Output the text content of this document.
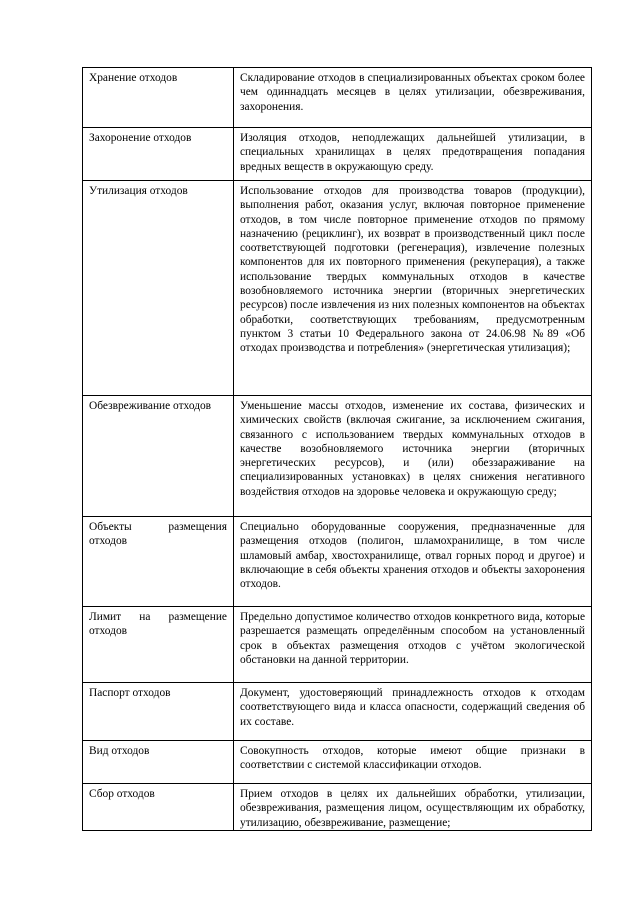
Хранение отходов	Складирование отходов в специализированных объектах сроком более чем одиннадцать месяцев в целях утилизации, обезвреживания, захоронения.
Захоронение отходов	Изоляция отходов, неподлежащих дальнейшей утилизации, в специальных хранилищах в целях предотвращения попадания вредных веществ в окружающую среду.
Утилизация отходов	Использование отходов для производства товаров (продукции), выполнения работ, оказания услуг, включая повторное применение отходов, в том числе повторное применение отходов по прямому назначению (рециклинг), их возврат в производственный цикл после соответствующей подготовки (регенерация), извлечение полезных компонентов для их повторного применения (рекуперация), а также использование твердых коммунальных отходов в качестве возобновляемого источника энергии (вторичных энергетических ресурсов) после извлечения из них полезных компонентов на объектах обработки, соответствующих требованиям, предусмотренным пунктом 3 статьи 10 Федерального закона от 24.06.98 №89 «Об отходах производства и потребления» (энергетическая утилизация);
Обезвреживание отходов	Уменьшение массы отходов, изменение их состава, физических и химических свойств (включая сжигание, за исключением сжигания, связанного с использованием твердых коммунальных отходов в качестве возобновляемого источника энергии (вторичных энергетических ресурсов), и (или) обеззараживание на специализированных установках) в целях снижения негативного воздействия отходов на здоровье человека и окружающую среду;
Объекты размещения отходов	Специально оборудованные сооружения, предназначенные для размещения отходов (полигон, шламохранилище, в том числе шламовый амбар, хвостохранилище, отвал горных пород и другое) и включающие в себя объекты хранения отходов и объекты захоронения отходов.
Лимит на размещение отходов	Предельно допустимое количество отходов конкретного вида, которые разрешается размещать определённым способом на установленный срок в объектах размещения отходов с учётом экологической обстановки на данной территории.
Паспорт отходов	Документ, удостоверяющий принадлежность отходов к отходам соответствующего вида и класса опасности, содержащий сведения об их составе.
Вид отходов	Совокупность отходов, которые имеют общие признаки в соответствии с системой классификации отходов.
Сбор отходов	Прием отходов в целях их дальнейших обработки, утилизации, обезвреживания, размещения лицом, осуществляющим их обработку, утилизацию, обезвреживание, размещение;
